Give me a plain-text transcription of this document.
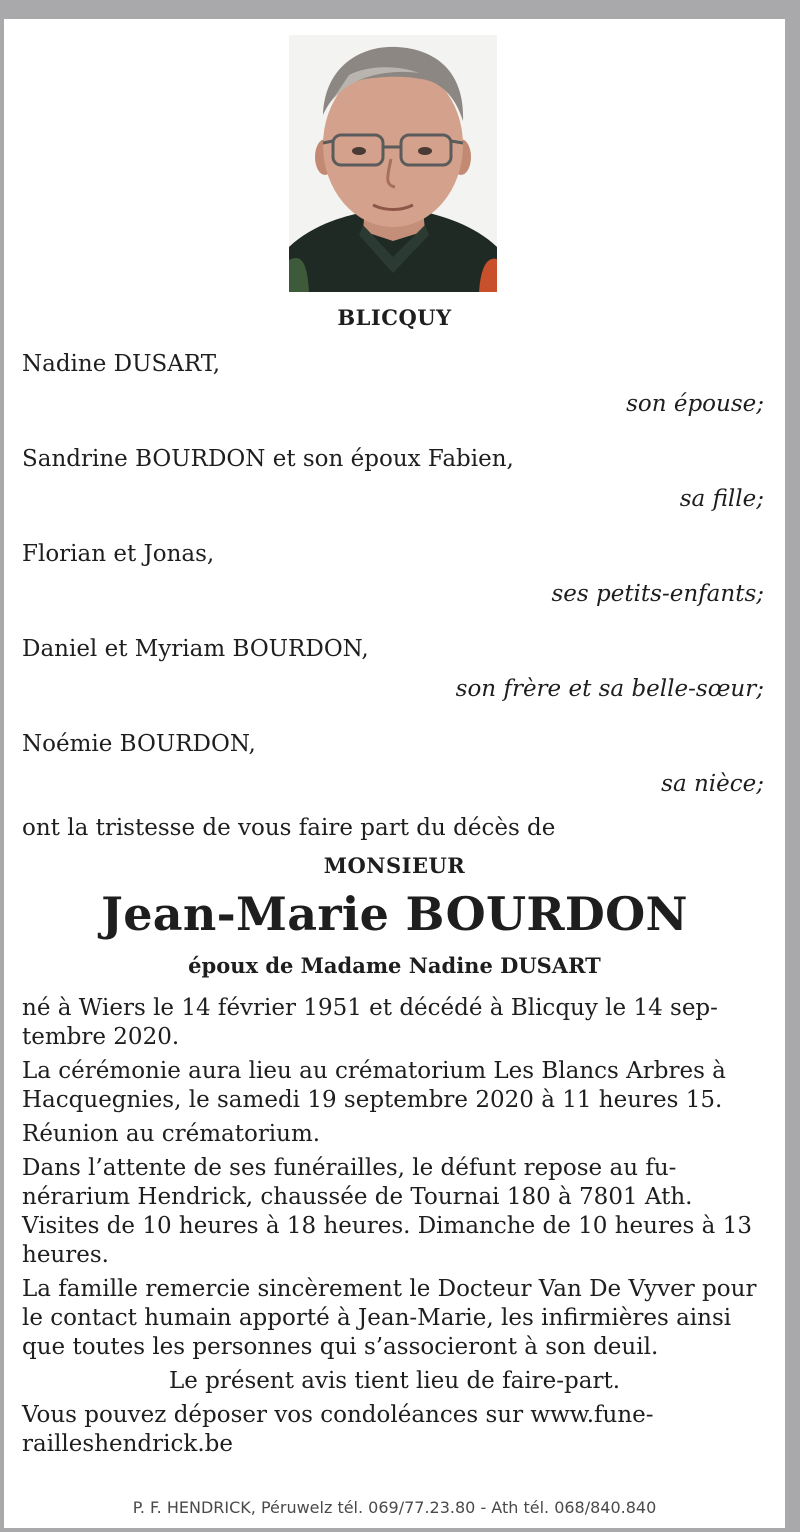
BLICQUY
Nadine DUSART,
son épouse;
Sandrine BOURDON et son époux Fabien,
sa fille;
Florian et Jonas,
ses petits-enfants;
Daniel et Myriam BOURDON,
son frère et sa belle-sœur;
Noémie BOURDON,
sa nièce;
ont la tristesse de vous faire part du décès de
MONSIEUR
Jean-Marie BOURDON
époux de Madame Nadine DUSART

né à Wiers le 14 février 1951 et décédé à Blicquy le 14 sep-
tembre 2020.

La cérémonie aura lieu au crématorium Les Blancs Arbres à Hacquegnies, le samedi 19 septembre 2020 à 11 heures 15.

Réunion au crématorium.

Dans l’attente de ses funérailles, le défunt repose au fu-
nérarium Hendrick, chaussée de Tournai 180 à 7801 Ath. Visites de 10 heures à 18 heures. Dimanche de 10 heures à 13 heures.

La famille remercie sincèrement le Docteur Van De Vyver pour le contact humain apporté à Jean-Marie, les infirmières ainsi que toutes les personnes qui s’associeront à son deuil.

Le présent avis tient lieu de faire-part.

Vous pouvez déposer vos condoléances sur www.fune-
railleshendrick.be

P. F. HENDRICK, Péruwelz tél. 069/77.23.80 - Ath tél. 068/840.840
